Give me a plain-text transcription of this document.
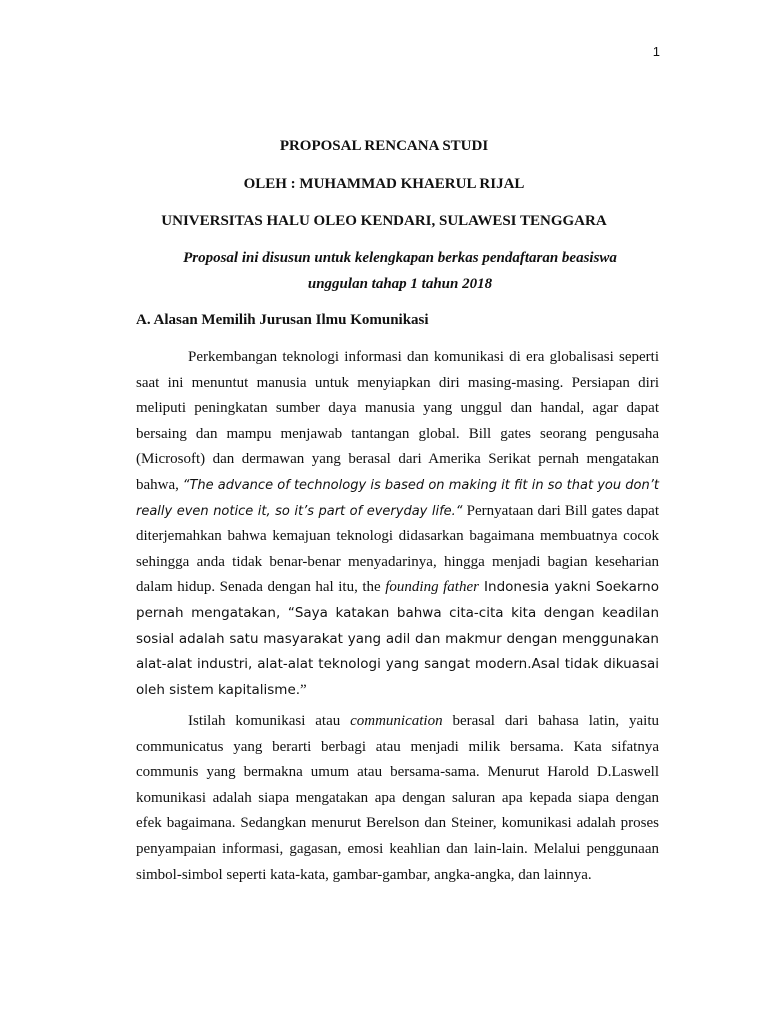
1
PROPOSAL RENCANA STUDI
OLEH : MUHAMMAD KHAERUL RIJAL
UNIVERSITAS HALU OLEO KENDARI, SULAWESI TENGGARA
Proposal ini disusun untuk kelengkapan berkas pendaftaran beasiswa
unggulan tahap 1 tahun 2018
A. Alasan Memilih Jurusan Ilmu Komunikasi

Perkembangan teknologi informasi dan komunikasi di era globalisasi seperti saat ini menuntut manusia untuk menyiapkan diri masing-masing. Persiapan diri meliputi peningkatan sumber daya manusia yang unggul dan handal, agar dapat bersaing dan mampu menjawab tantangan global. Bill gates seorang pengusaha (Microsoft) dan dermawan yang berasal dari Amerika Serikat pernah mengatakan bahwa, “The advance of technology is based on making it fit in so that you don’t really even notice it, so it’s part of everyday life.“ Pernyataan dari Bill gates dapat diterjemahkan bahwa kemajuan teknologi didasarkan bagaimana membuatnya cocok sehingga anda tidak benar-benar menyadarinya, hingga menjadi bagian keseharian dalam hidup. Senada dengan hal itu, the founding father Indonesia yakni Soekarno pernah mengatakan, “Saya katakan bahwa cita-cita kita dengan keadilan sosial adalah satu masyarakat yang adil dan makmur dengan menggunakan alat-alat industri, alat-alat teknologi yang sangat modern.Asal tidak dikuasai oleh sistem kapitalisme.”

Istilah komunikasi atau communication berasal dari bahasa latin, yaitu communicatus yang berarti berbagi atau menjadi milik bersama. Kata sifatnya communis yang bermakna umum atau bersama-sama. Menurut Harold D.Laswell komunikasi adalah siapa mengatakan apa dengan saluran apa kepada siapa dengan efek bagaimana. Sedangkan menurut Berelson dan Steiner, komunikasi adalah proses penyampaian informasi, gagasan, emosi keahlian dan lain-lain. Melalui penggunaan simbol-simbol seperti kata-kata, gambar-gambar, angka-angka, dan lainnya.
